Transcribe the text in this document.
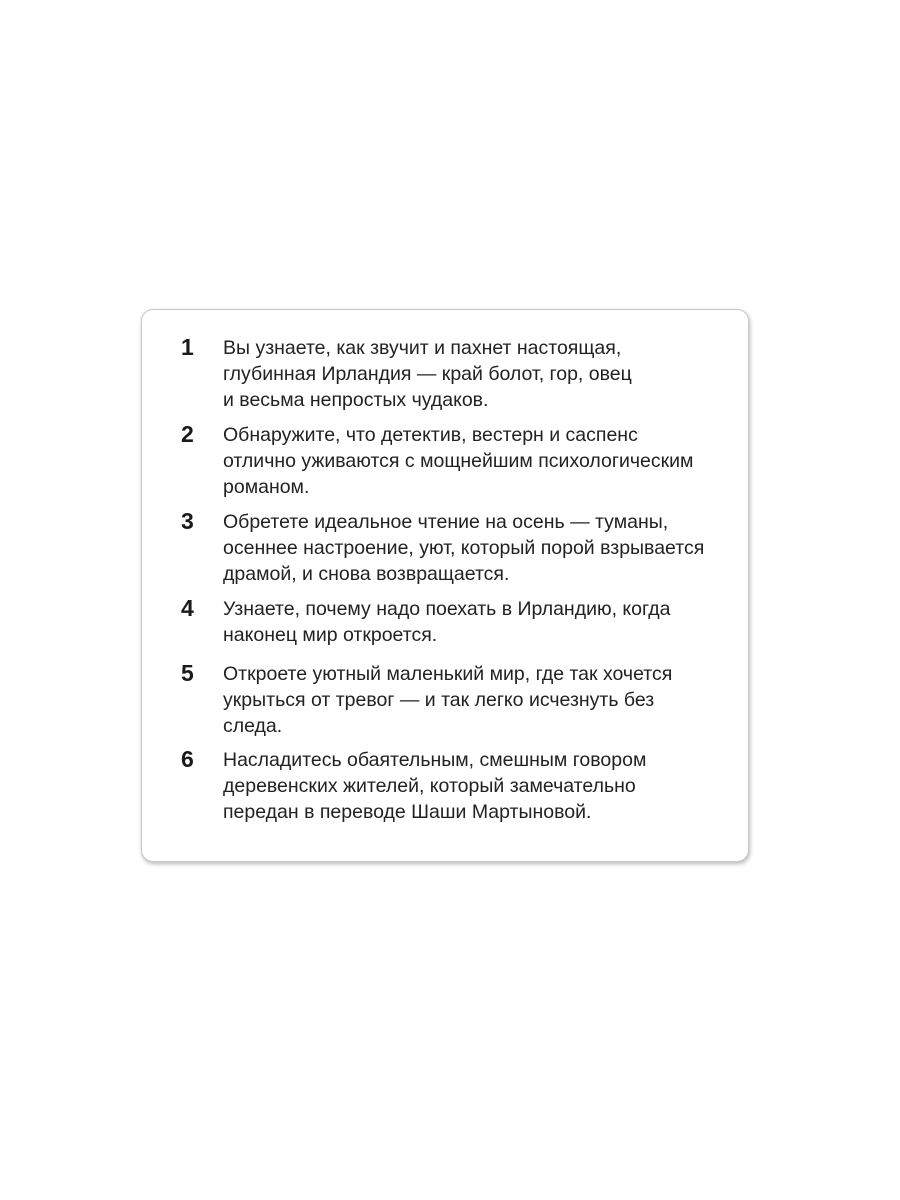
1 Вы узнаете, как звучит и пахнет настоящая,
глубинная Ирландия — край болот, гор, овец
и весьма непростых чудаков.

2 Обнаружите, что детектив, вестерн и саспенс
отлично уживаются с мощнейшим психологическим
романом.

3 Обретете идеальное чтение на осень — туманы,
осеннее настроение, уют, который порой взрывается
драмой, и снова возвращается.

4 Узнаете, почему надо поехать в Ирландию, когда
наконец мир откроется.

5 Откроете уютный маленький мир, где так хочется
укрыться от тревог — и так легко исчезнуть без
следа.

6 Насладитесь обаятельным, смешным говором
деревенских жителей, который замечательно
передан в переводе Шаши Мартыновой.
